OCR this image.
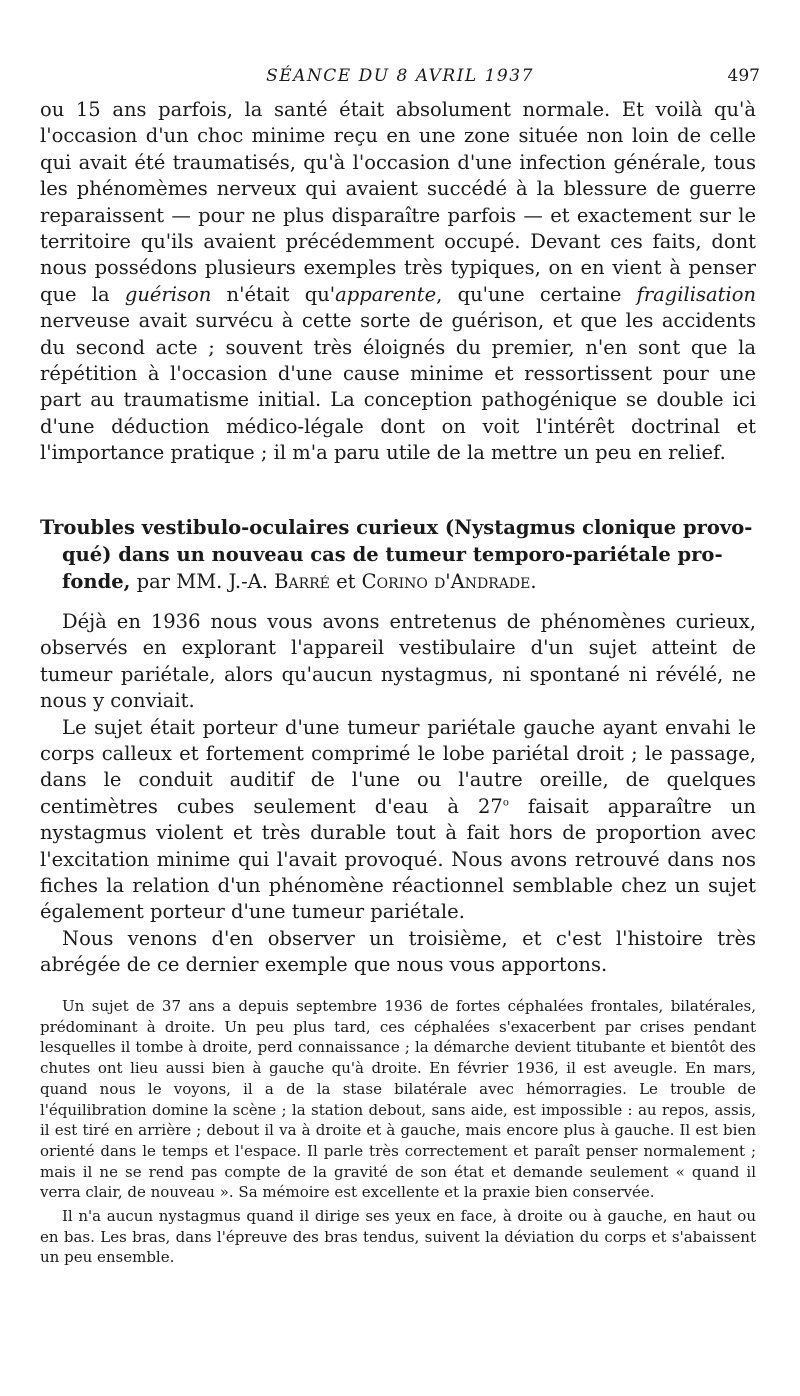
SÉANCE DU 8 AVRIL 1937	497

ou 15 ans parfois, la santé était absolument normale. Et voilà qu'à l'occasion d'un choc minime reçu en une zone située non loin de celle qui avait été traumatisés, qu'à l'occasion d'une infection générale, tous les phénomèmes nerveux qui avaient succédé à la blessure de guerre reparaissent — pour ne plus disparaître parfois — et exactement sur le territoire qu'ils avaient précédemment occupé. Devant ces faits, dont nous possédons plusieurs exemples très typiques, on en vient à penser que la guérison n'était qu'apparente, qu'une certaine fragilisation nerveuse avait survécu à cette sorte de guérison, et que les accidents du second acte ; souvent très éloignés du premier, n'en sont que la répétition à l'occasion d'une cause minime et ressortissent pour une part au traumatisme initial. La conception pathogénique se double ici d'une déduction médico-légale dont on voit l'intérêt doctrinal et l'importance pratique ; il m'a paru utile de la mettre un peu en relief.

Troubles vestibulo-oculaires curieux (Nystagmus clonique provo-
qué) dans un nouveau cas de tumeur temporo-pariétale pro-
fonde, par MM. J.-A. Barré et Corino d'Andrade.

Déjà en 1936 nous vous avons entretenus de phénomènes curieux, observés en explorant l'appareil vestibulaire d'un sujet atteint de tumeur pariétale, alors qu'aucun nystagmus, ni spontané ni révélé, ne nous y conviait.

Le sujet était porteur d'une tumeur pariétale gauche ayant envahi le corps calleux et fortement comprimé le lobe pariétal droit ; le passage, dans le conduit auditif de l'une ou l'autre oreille, de quelques centimètres cubes seulement d'eau à 27$^o$ faisait apparaître un nystagmus violent et très durable tout à fait hors de proportion avec l'excitation minime qui l'avait provoqué. Nous avons retrouvé dans nos fiches la relation d'un phénomène réactionnel semblable chez un sujet également porteur d'une tumeur pariétale.

Nous venons d'en observer un troisième, et c'est l'histoire très abrégée de ce dernier exemple que nous vous apportons.

Un sujet de 37 ans a depuis septembre 1936 de fortes céphalées frontales, bilatérales, prédominant à droite. Un peu plus tard, ces céphalées s'exacerbent par crises pendant lesquelles il tombe à droite, perd connaissance ; la démarche devient titubante et bientôt des chutes ont lieu aussi bien à gauche qu'à droite. En février 1936, il est aveugle. En mars, quand nous le voyons, il a de la stase bilatérale avec hémorragies. Le trouble de l'équilibration domine la scène ; la station debout, sans aide, est impossible : au repos, assis, il est tiré en arrière ; debout il va à droite et à gauche, mais encore plus à gauche. Il est bien orienté dans le temps et l'espace. Il parle très correctement et paraît penser normalement ; mais il ne se rend pas compte de la gravité de son état et demande seulement « quand il verra clair, de nouveau ». Sa mémoire est excellente et la praxie bien conservée.

Il n'a aucun nystagmus quand il dirige ses yeux en face, à droite ou à gauche, en haut ou en bas. Les bras, dans l'épreuve des bras tendus, suivent la déviation du corps et s'abaissent un peu ensemble.
